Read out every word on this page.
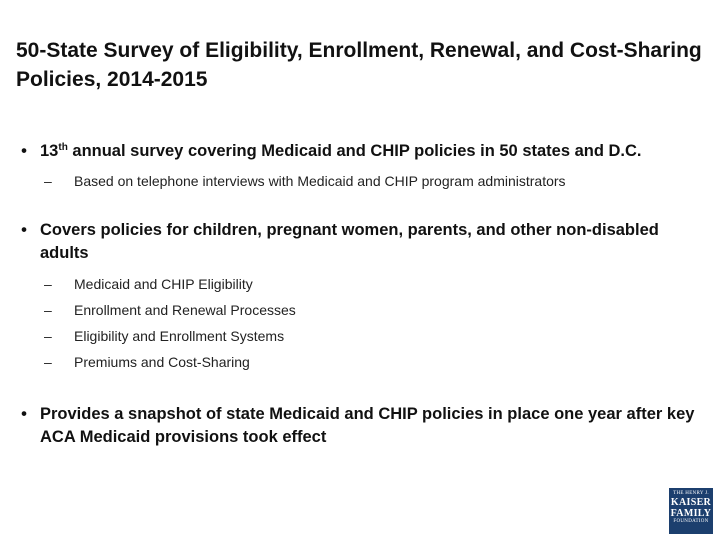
50-State Survey of Eligibility, Enrollment, Renewal, and Cost-Sharing Policies, 2014-2015
• 13th annual survey covering Medicaid and CHIP policies in 50 states and D.C.
– Based on telephone interviews with Medicaid and CHIP program administrators
• Covers policies for children, pregnant women, parents, and other non-disabled adults
– Medicaid and CHIP Eligibility
– Enrollment and Renewal Processes
– Eligibility and Enrollment Systems
– Premiums and Cost-Sharing
• Provides a snapshot of state Medicaid and CHIP policies in place one year after key ACA Medicaid provisions took effect
THE HENRY J.
KAISER
FAMILY
FOUNDATION
